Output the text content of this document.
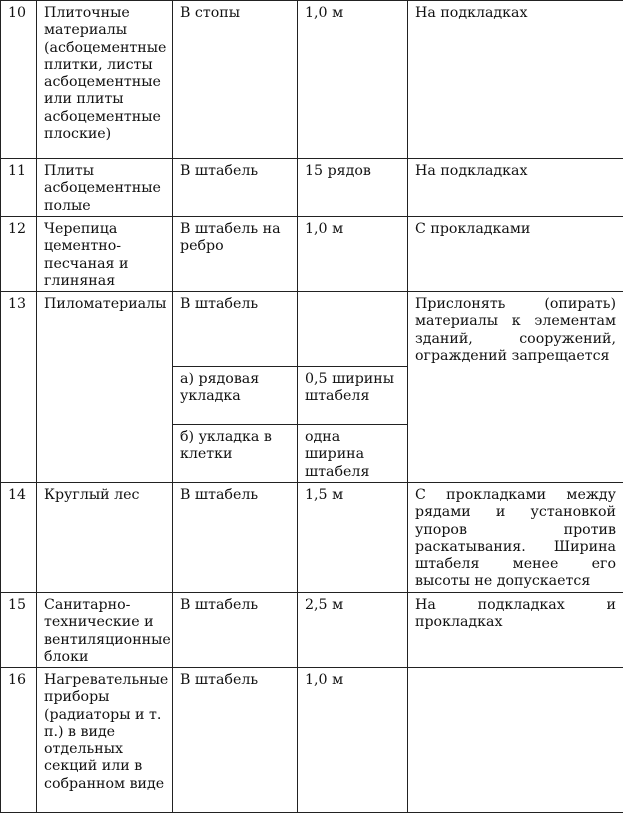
10	Плиточные материалы (асбоцементные плитки, листы асбоцементные или плиты асбоцементные плоские)	В стопы	1,0 м	На подкладках
11	Плиты асбоцементные полые	В штабель	15 рядов	На подкладках
12	Черепица цементно-песчаная и глиняная	В штабель на ребро	1,0 м	С прокладками
13	Пиломатериалы	В штабель		Прислонять (опирать) материалы к элементам зданий, сооружений, ограждений запрещается
		а) рядовая укладка	0,5 ширины штабеля	
		б) укладка в клетки	одна ширина штабеля	
14	Круглый лес	В штабель	1,5 м	С прокладками между рядами и установкой упоров против раскатывания. Ширина штабеля менее его высоты не допускается
15	Санитарно-технические и вентиляционные блоки	В штабель	2,5 м	На подкладках и прокладках
16	Нагревательные приборы (радиаторы и т. п.) в виде отдельных секций или в собранном виде	В штабель	1,0 м	
